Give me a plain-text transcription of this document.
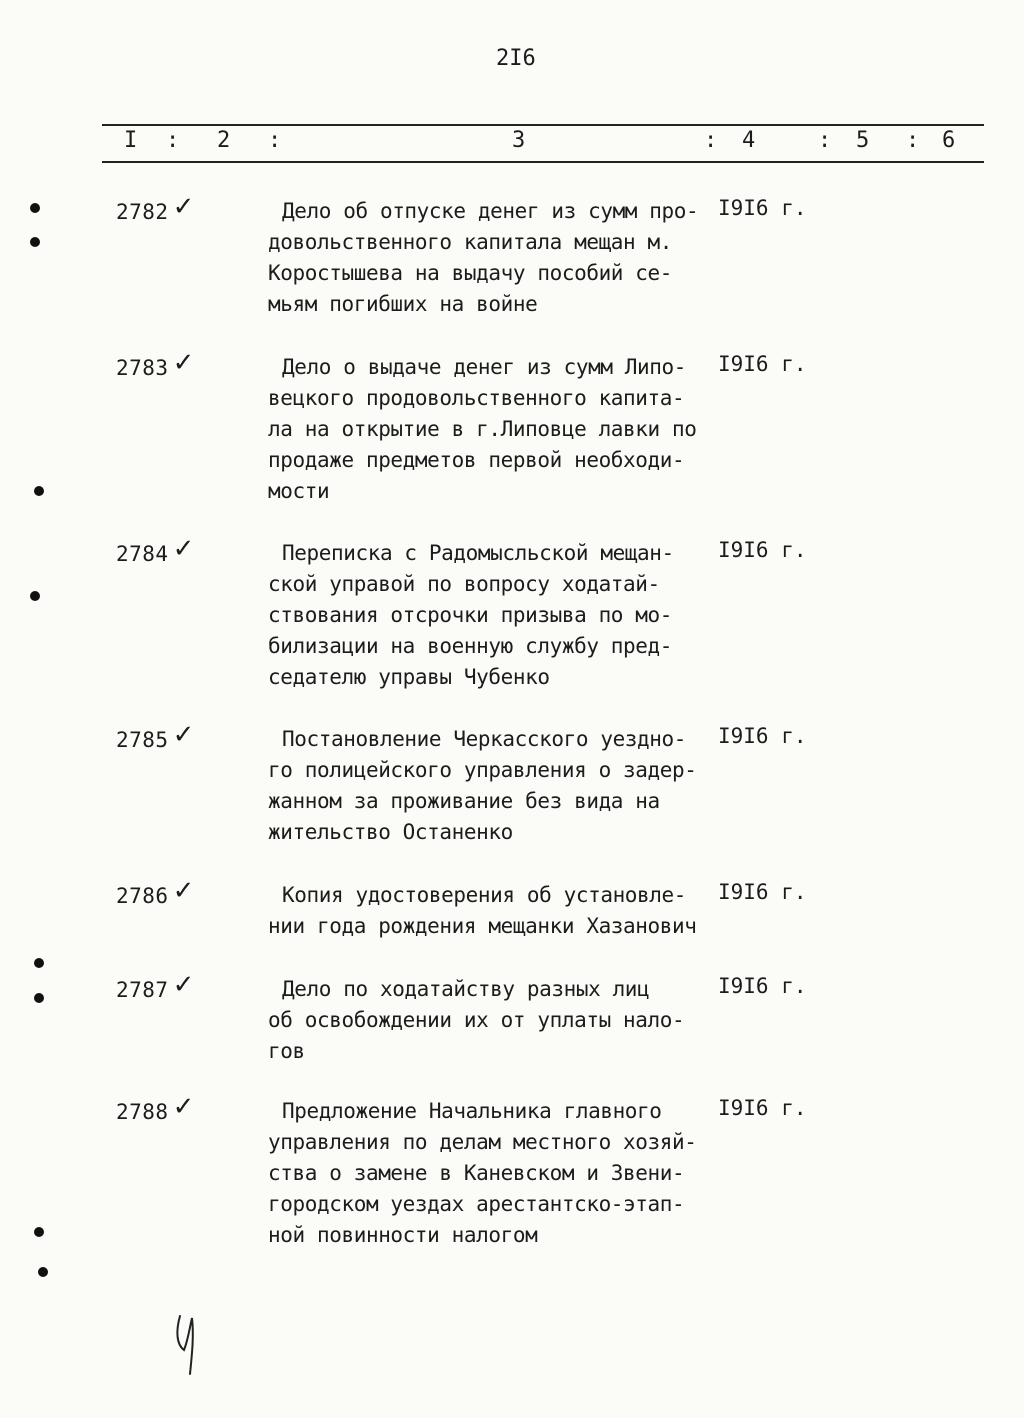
2I6
I : 2 :	3	: 4	: 5 : 6
2782 ✓	Дело об отпуске денег из сумм про-
довольственного капитала мещан м.
Коростышева на выдачу пособий се-
мьям погибших на войне
I9I6 г.
2783 ✓	Дело о выдаче денег из сумм Липо-
вецкого продовольственного капита-
ла на открытие в г.Липовце лавки по
продаже предметов первой необходи-
мости
I9I6 г.
2784 ✓	Переписка с Радомысльской мещан-
ской управой по вопросу ходатай-
ствования отсрочки призыва по мо-
билизации на военную службу пред-
седателю управы Чубенко
I9I6 г.
2785 ✓	Постановление Черкасского уездно-
го полицейского управления о задер-
жанном за проживание без вида на
жительство Останенко
I9I6 г.
2786 ✓	Копия удостоверения об установле-
нии года рождения мещанки Хазанович
I9I6 г.
2787 ✓	Дело по ходатайству разных лиц
об освобождении их от уплаты нало-
гов
I9I6 г.
2788 ✓	Предложение Начальника главного
управления по делам местного хозяй-
ства о замене в Каневском и Звени-
городском уездах арестантско-этап-
ной повинности налогом
I9I6 г.
